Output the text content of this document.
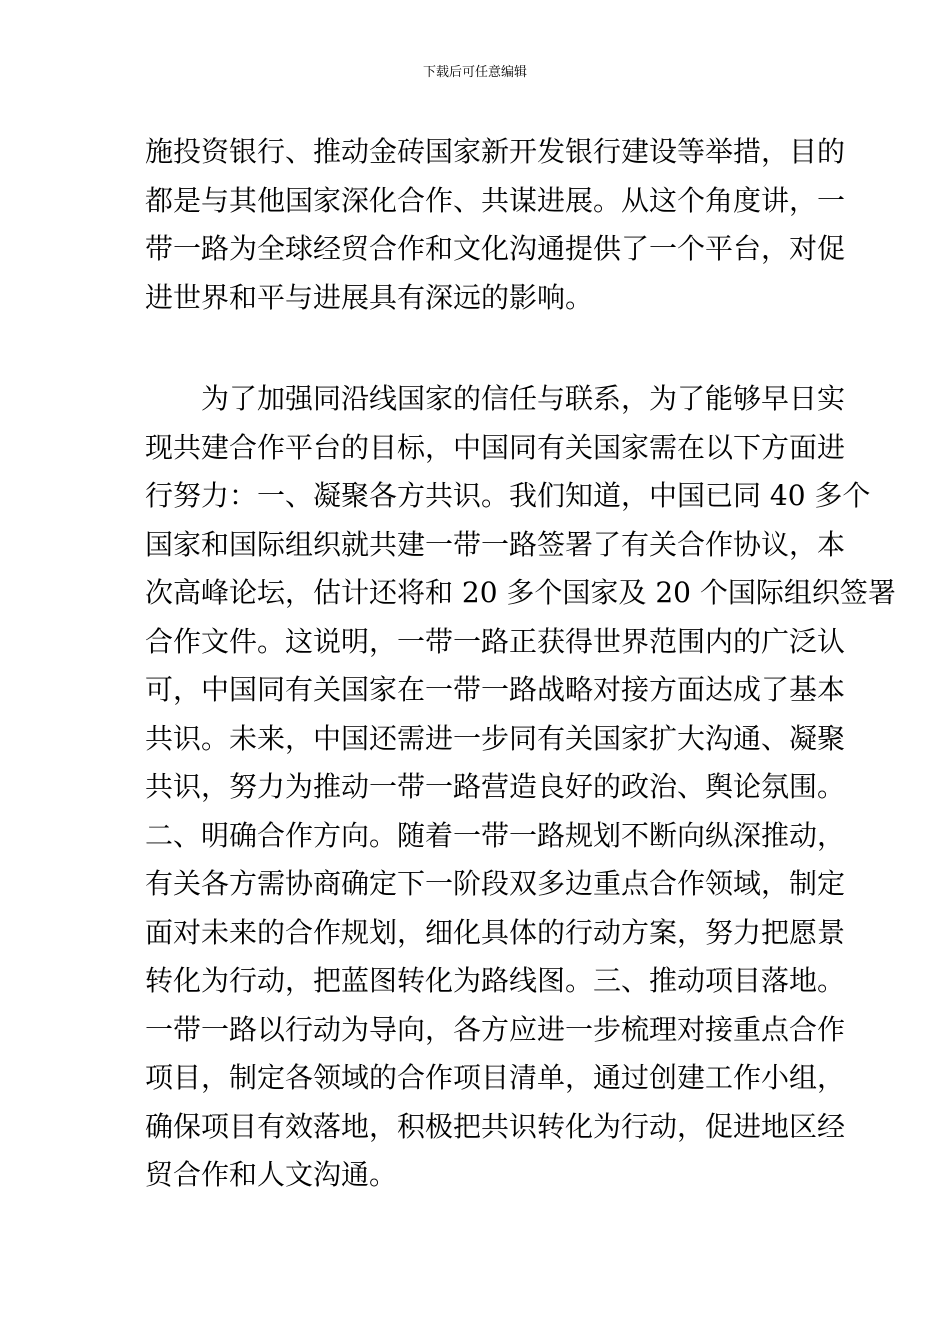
下载后可任意编辑
施投资银行、推动金砖国家新开发银行建设等举措，目的
都是与其他国家深化合作、共谋进展。从这个角度讲，一
带一路为全球经贸合作和文化沟通提供了一个平台，对促
进世界和平与进展具有深远的影响。
为了加强同沿线国家的信任与联系，为了能够早日实
现共建合作平台的目标，中国同有关国家需在以下方面进
行努力：一、凝聚各方共识。我们知道，中国已同 40 多个
国家和国际组织就共建一带一路签署了有关合作协议，本
次高峰论坛，估计还将和 20 多个国家及 20 个国际组织签署
合作文件。这说明，一带一路正获得世界范围内的广泛认
可，中国同有关国家在一带一路战略对接方面达成了基本
共识。未来，中国还需进一步同有关国家扩大沟通、凝聚
共识，努力为推动一带一路营造良好的政治、舆论氛围。
二、明确合作方向。随着一带一路规划不断向纵深推动，
有关各方需协商确定下一阶段双多边重点合作领域，制定
面对未来的合作规划，细化具体的行动方案，努力把愿景
转化为行动，把蓝图转化为路线图。三、推动项目落地。
一带一路以行动为导向，各方应进一步梳理对接重点合作
项目，制定各领域的合作项目清单，通过创建工作小组，
确保项目有效落地，积极把共识转化为行动，促进地区经
贸合作和人文沟通。
